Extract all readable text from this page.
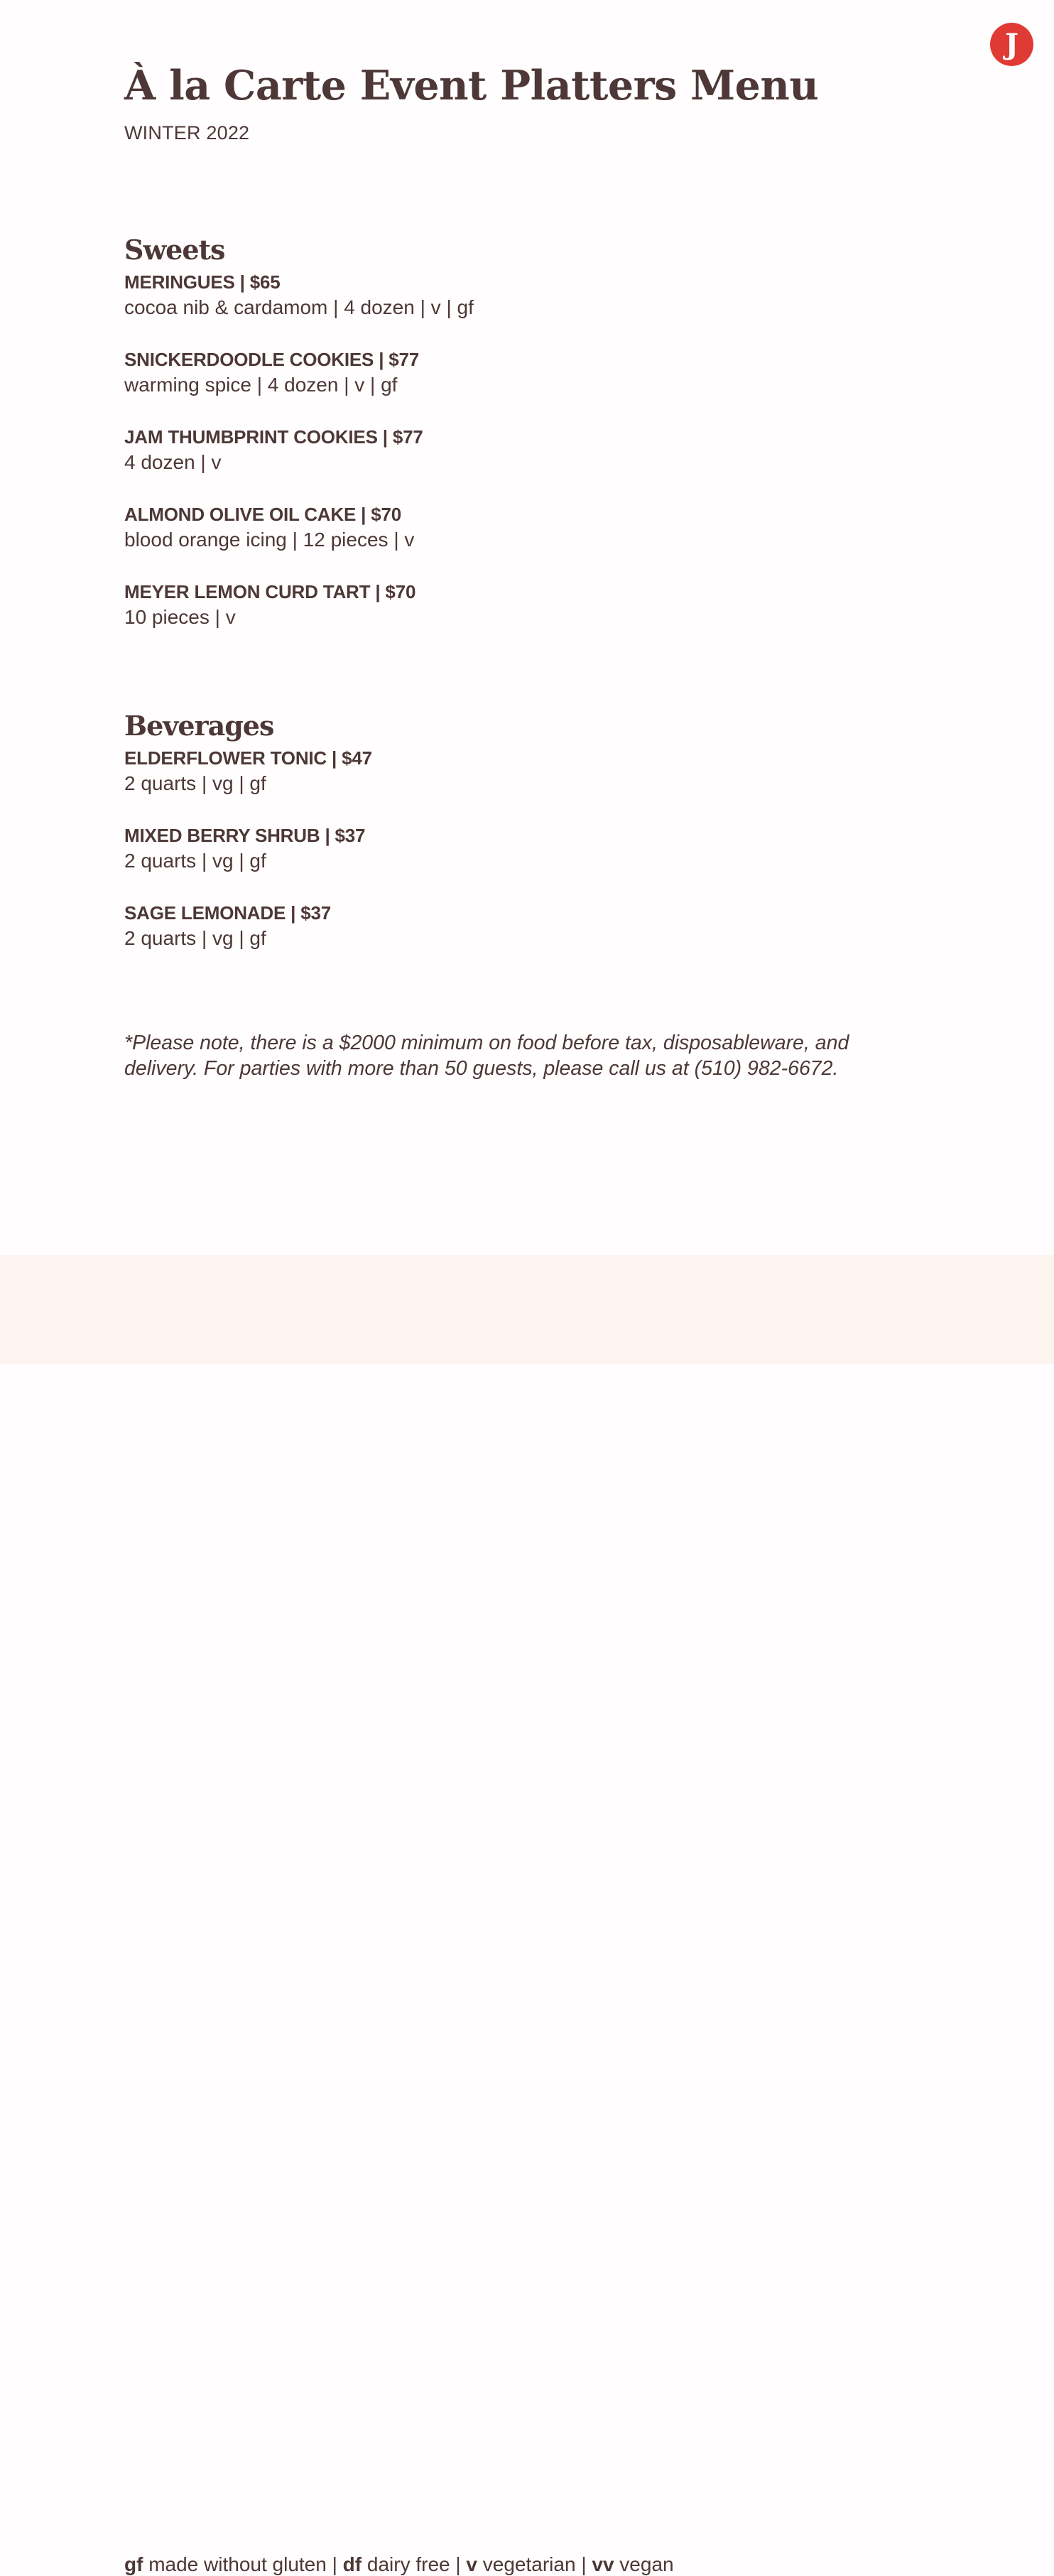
J
À la Carte Event Platters Menu
WINTER 2022
Sweets
MERINGUES | $65
cocoa nib & cardamom | 4 dozen | v | gf
SNICKERDOODLE COOKIES | $77
warming spice | 4 dozen | v | gf
JAM THUMBPRINT COOKIES | $77
4 dozen | v
ALMOND OLIVE OIL CAKE | $70
blood orange icing | 12 pieces | v
MEYER LEMON CURD TART | $70
10 pieces | v
Beverages
ELDERFLOWER TONIC | $47
2 quarts | vg | gf
MIXED BERRY SHRUB | $37
2 quarts | vg | gf
SAGE LEMONADE | $37
2 quarts | vg | gf
*Please note, there is a $2000 minimum on food before tax, disposableware, and delivery. For parties with more than 50 guests, please call us at (510) 982-6672.
gf made without gluten | df dairy free | v vegetarian | vv vegan
